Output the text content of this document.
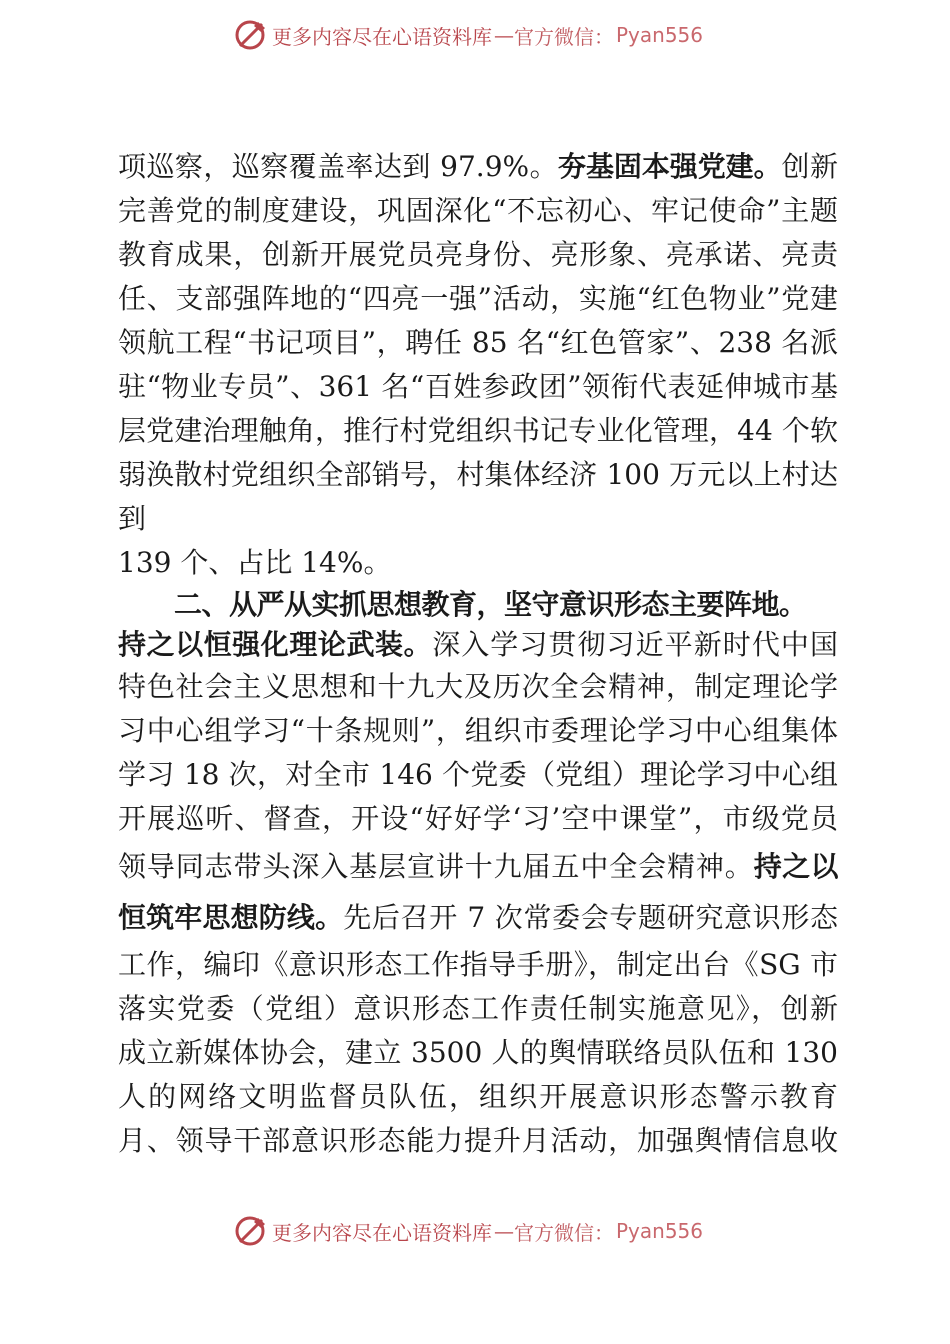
更多内容尽在心语资料库 — 官方微信： Pyan556

项巡察，巡察覆盖率达到 97.9%。夯基固本强党建。创新

完善党的制度建设，巩固深化“不忘初心、牢记使命”主题

教育成果，创新开展党员亮身份、亮形象、亮承诺、亮责

任、支部强阵地的“四亮一强”活动，实施“红色物业”党建

领航工程“书记项目”，聘任 85 名“红色管家”、238 名派

驻“物业专员”、361 名“百姓参政团”领衔代表延伸城市基

层党建治理触角，推行村党组织书记专业化管理，44 个软

弱涣散村党组织全部销号，村集体经济 100 万元以上村达

到

139 个、占比 14%。

二、从严从实抓思想教育，坚守意识形态主要阵地。

持之以恒强化理论武装。深入学习贯彻习近平新时代中国

特色社会主义思想和十九大及历次全会精神，制定理论学

习中心组学习“十条规则”，组织市委理论学习中心组集体

学习 18 次，对全市 146 个党委（党组）理论学习中心组

开展巡听、督查，开设“好好学‘习’空中课堂”，市级党员

领导同志带头深入基层宣讲十九届五中全会精神。持之以

恒筑牢思想防线。先后召开 7 次常委会专题研究意识形态

工作，编印《意识形态工作指导手册》，制定出台《SG 市

落实党委（党组）意识形态工作责任制实施意见》，创新

成立新媒体协会，建立 3500 人的舆情联络员队伍和 130

人的网络文明监督员队伍，组织开展意识形态警示教育

月、领导干部意识形态能力提升月活动，加强舆情信息收

更多内容尽在心语资料库 — 官方微信： Pyan556
